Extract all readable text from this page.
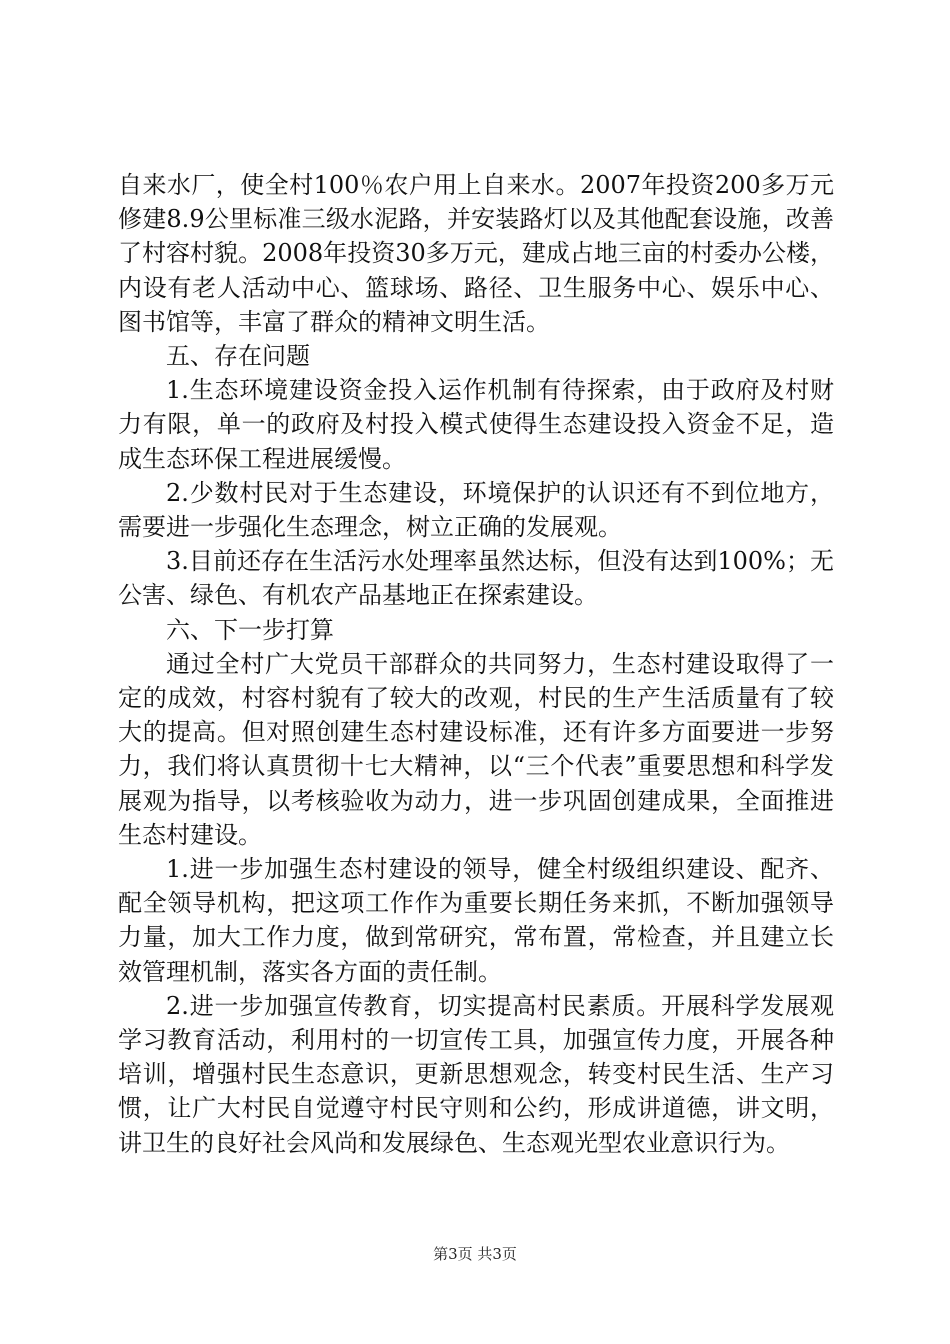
自来水厂，使全村100％农户用上自来水。2007年投资200多万元修建8.9公里标准三级水泥路，并安装路灯以及其他配套设施，改善了村容村貌。2008年投资30多万元，建成占地三亩的村委办公楼，内设有老人活动中心、篮球场、路径、卫生服务中心、娱乐中心、图书馆等，丰富了群众的精神文明生活。

五、存在问题

1.生态环境建设资金投入运作机制有待探索，由于政府及村财力有限，单一的政府及村投入模式使得生态建设投入资金不足，造成生态环保工程进展缓慢。

2.少数村民对于生态建设，环境保护的认识还有不到位地方，需要进一步强化生态理念，树立正确的发展观。

3.目前还存在生活污水处理率虽然达标，但没有达到100%；无公害、绿色、有机农产品基地正在探索建设。

六、下一步打算

通过全村广大党员干部群众的共同努力，生态村建设取得了一定的成效，村容村貌有了较大的改观，村民的生产生活质量有了较大的提高。但对照创建生态村建设标准，还有许多方面要进一步努力，我们将认真贯彻十七大精神，以“三个代表”重要思想和科学发展观为指导，以考核验收为动力，进一步巩固创建成果，全面推进生态村建设。

1.进一步加强生态村建设的领导，健全村级组织建设、配齐、配全领导机构，把这项工作作为重要长期任务来抓，不断加强领导力量，加大工作力度，做到常研究，常布置，常检查，并且建立长效管理机制，落实各方面的责任制。

2.进一步加强宣传教育，切实提高村民素质。开展科学发展观学习教育活动，利用村的一切宣传工具，加强宣传力度，开展各种培训，增强村民生态意识，更新思想观念，转变村民生活、生产习惯，让广大村民自觉遵守村民守则和公约，形成讲道德，讲文明，讲卫生的良好社会风尚和发展绿色、生态观光型农业意识行为。

第3页 共3页
